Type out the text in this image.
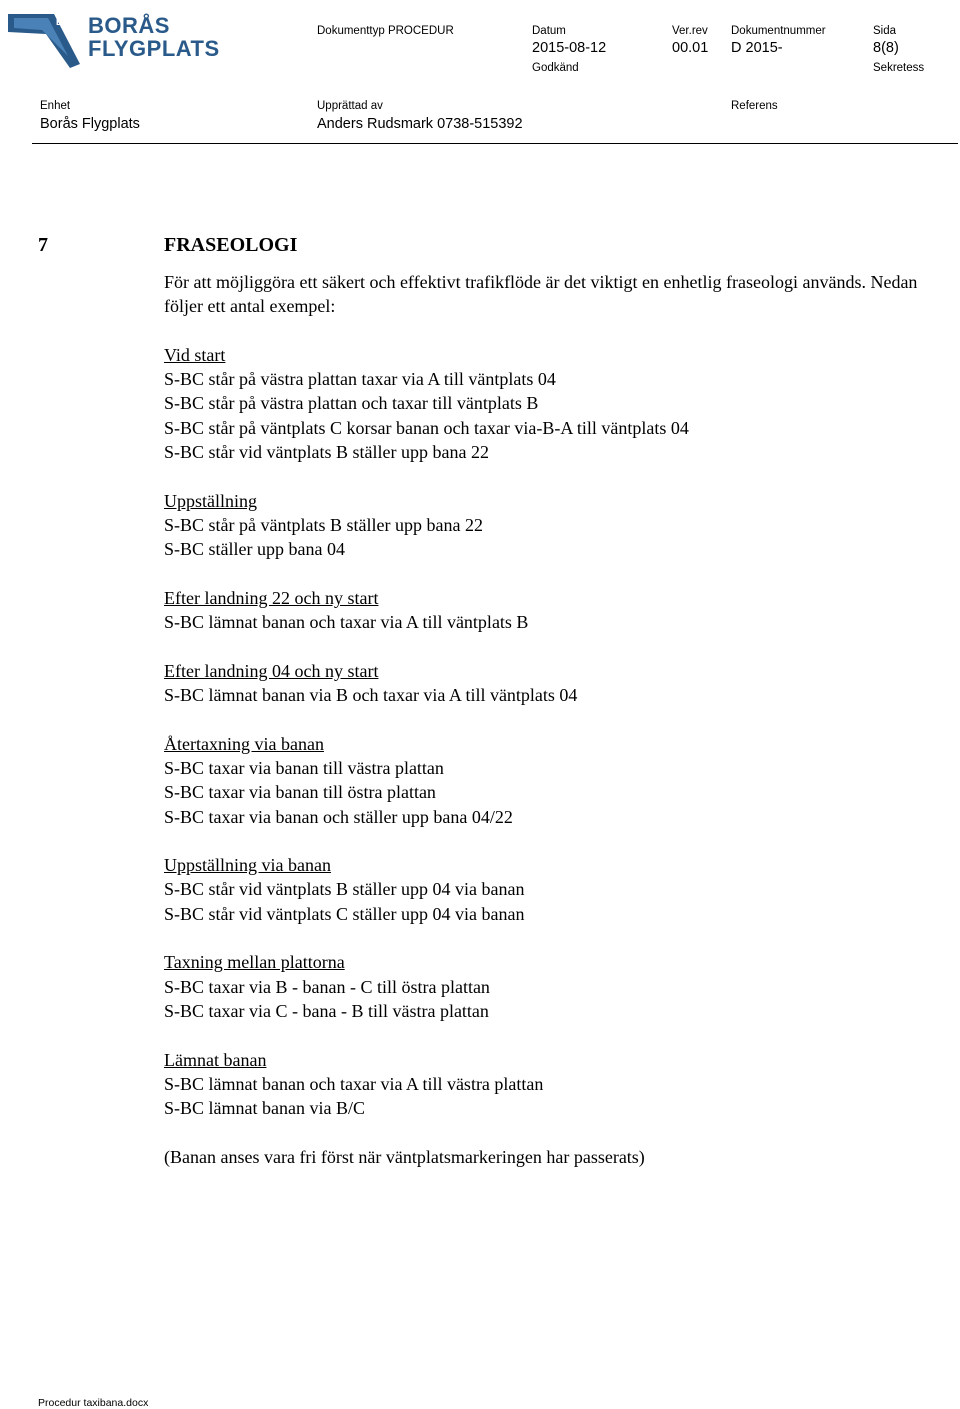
ESGE BORÅS
FLYGPLATS
Dokumenttyp PROCEDUR	Datum
2015-08-12
Ver.rev
00.01
Dokumentnummer
D 2015-
Sida
8(8)
Godkänd	Sekretess
Enhet
Borås Flygplats
Upprättad av
Anders Rudsmark 0738-515392
Referens
7	FRASEOLOGI

För att möjliggöra ett säkert och effektivt trafikflöde är det viktigt en enhetlig fraseologi används. Nedan följer ett antal exempel:

Vid start

S-BC står på västra plattan taxar via A till väntplats 04

S-BC står på västra plattan och taxar till väntplats B

S-BC står på väntplats C korsar banan och taxar via-B-A till väntplats 04

S-BC står vid väntplats B ställer upp bana 22

Uppställning

S-BC står på väntplats B ställer upp bana 22

S-BC ställer upp bana 04

Efter landning 22 och ny start

S-BC lämnat banan och taxar via A till väntplats B

Efter landning 04 och ny start

S-BC lämnat banan via B och taxar via A till väntplats 04

Återtaxning via banan

S-BC taxar via banan till västra plattan

S-BC taxar via banan till östra plattan

S-BC taxar via banan och ställer upp bana 04/22

Uppställning via banan

S-BC står vid väntplats B ställer upp 04 via banan

S-BC står vid väntplats C ställer upp 04 via banan

Taxning mellan plattorna

S-BC taxar via B - banan - C till östra plattan

S-BC taxar via C - bana - B till västra plattan

Lämnat banan

S-BC lämnat banan och taxar via A till västra plattan

S-BC lämnat banan via B/C

(Banan anses vara fri först när väntplatsmarkeringen har passerats)

Procedur taxibana.docx
